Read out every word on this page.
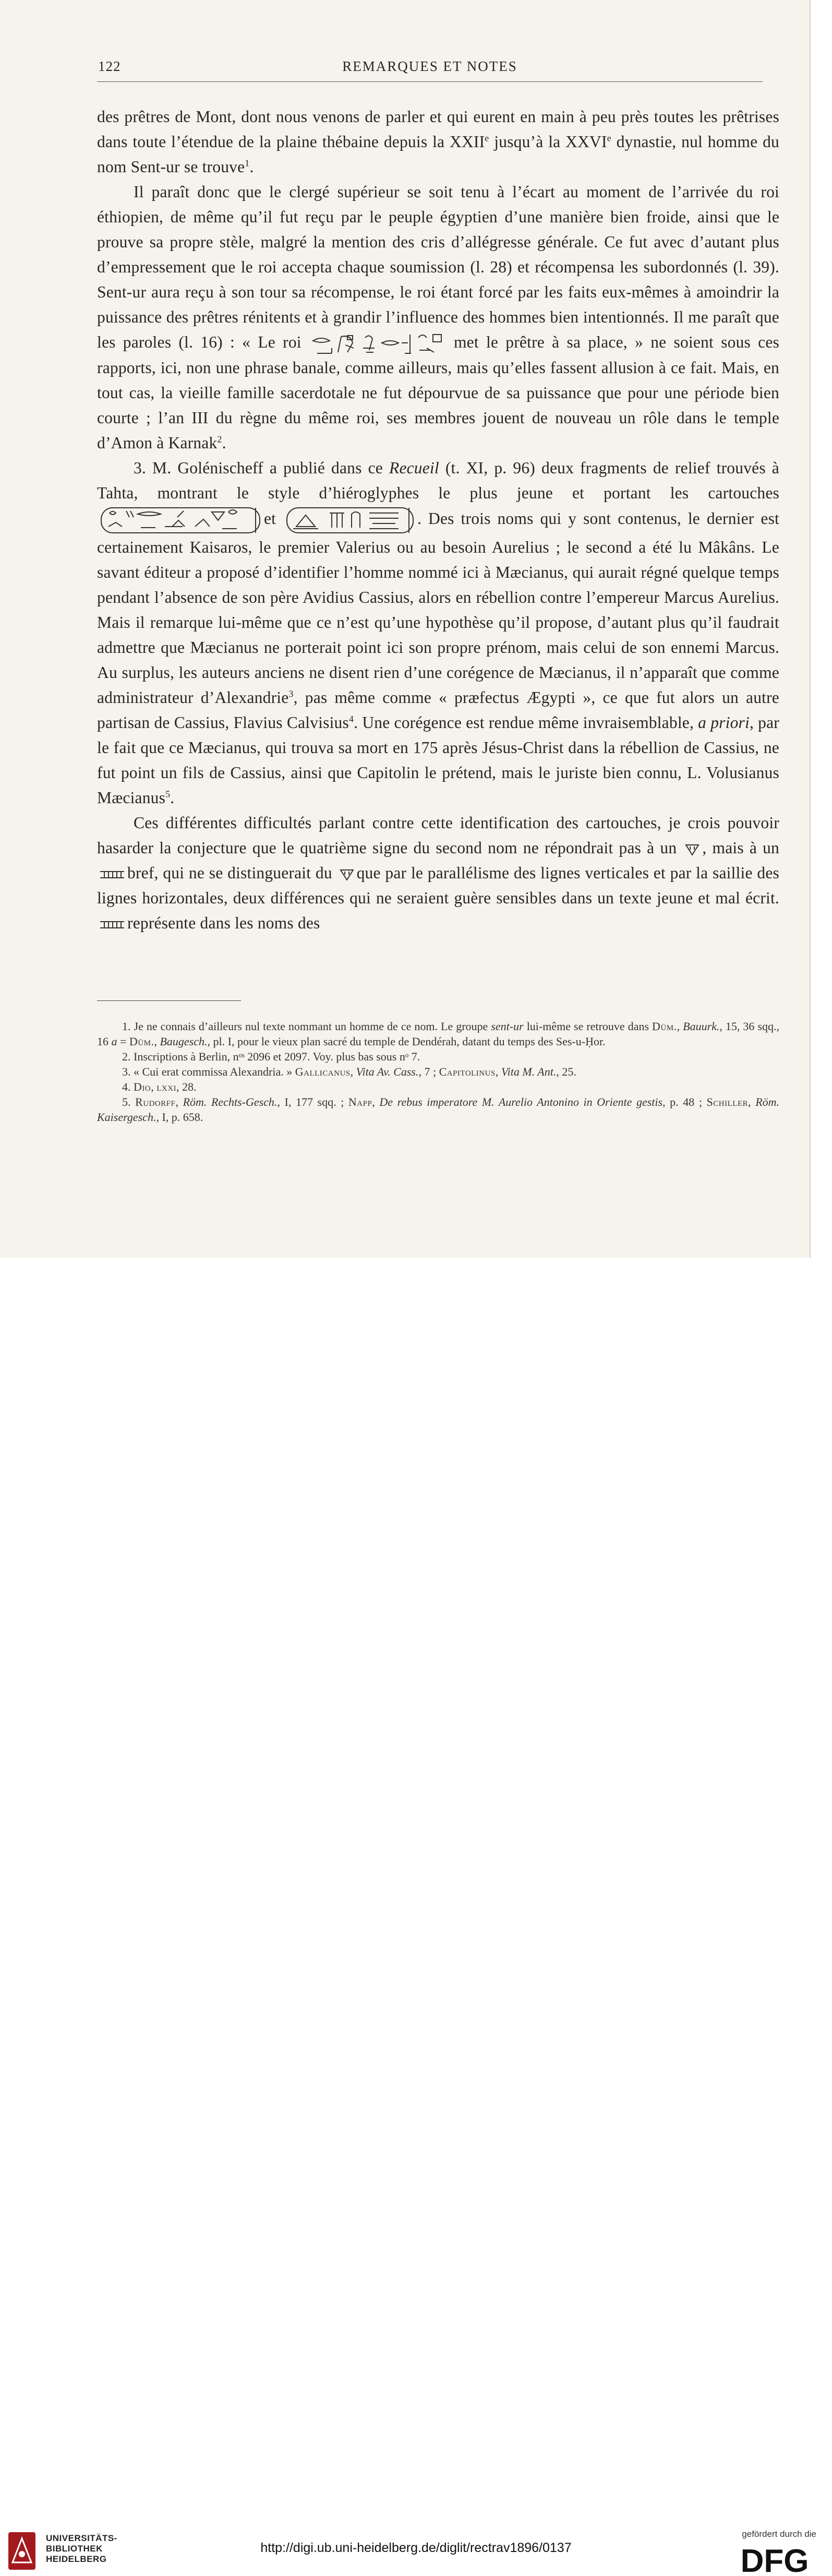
122	REMARQUES ET NOTES

des prêtres de Mont, dont nous venons de parler et qui eurent en main à peu près toutes les prêtrises dans toute l’étendue de la plaine thébaine depuis la XXIIe jusqu’à la XXVIe dynastie, nul homme du nom Sent-ur se trouve$^1$.

Il paraît donc que le clergé supérieur se soit tenu à l’écart au moment de l’arrivée du roi éthiopien, de même qu’il fut reçu par le peuple égyptien d’une manière bien froide, ainsi que le prouve sa propre stèle, malgré la mention des cris d’allégresse générale. Ce fut avec d’autant plus d’empressement que le roi accepta chaque soumission (l. 28) et récompensa les subordonnés (l. 39). Sent-ur aura reçu à son tour sa récompense, le roi étant forcé par les faits eux-mêmes à amoindrir la puissance des prêtres rénitents et à grandir l’influence des hommes bien intentionnés. Il me paraît que les paroles (l. 16) : « Le roi	met le prêtre à sa place, » ne soient sous ces rapports, ici, non une phrase banale, comme ailleurs, mais qu’elles fassent allusion à ce fait. Mais, en tout cas, la vieille famille sacerdotale ne fut dépourvue de sa puissance que pour une période bien courte ; l’an III du règne du même roi, ses membres jouent de nouveau un rôle dans le temple d’Amon à Karnak$^2$.

3. M. Golénischeff a publié dans ce Recueil (t. XI, p. 96) deux fragments de relief trouvés à Tahta, montrant le style d’hiéroglyphes le plus jeune et portant les cartouches et	. Des trois noms qui y sont contenus, le dernier est certainement Kaisaros, le premier Valerius ou au besoin Aurelius ; le second a été lu Mâkâns. Le savant éditeur a proposé d’identifier l’homme nommé ici à Mæcianus, qui aurait régné quelque temps pendant l’absence de son père Avidius Cassius, alors en rébellion contre l’empereur Marcus Aurelius. Mais il remarque lui-même que ce n’est qu’une hypothèse qu’il propose, d’autant plus qu’il faudrait admettre que Mæcianus ne porterait point ici son propre prénom, mais celui de son ennemi Marcus. Au surplus, les auteurs anciens ne disent rien d’une corégence de Mæcianus, il n’apparaît que comme administrateur d’Alexandrie$^3$, pas même comme « præfectus Ægypti », ce que fut alors un autre partisan de Cassius, Flavius Calvisius$^4$. Une corégence est rendue même invraisemblable, a priori, par le fait que ce Mæcianus, qui trouva sa mort en 175 après Jésus-Christ dans la rébellion de Cassius, ne fut point un fils de Cassius, ainsi que Capitolin le prétend, mais le juriste bien connu, L. Volusianus Mæcianus$^5$.

Ces différentes difficultés parlant contre cette identification des cartouches, je crois pouvoir hasarder la conjecture que le quatrième signe du second nom ne répondrait pas à un , mais à un bref, qui ne se distinguerait du que par le parallélisme des lignes verticales et par la saillie des lignes horizontales, deux différences qui ne seraient guère sensibles dans un texte jeune et mal écrit. représente dans les noms des

1. Je ne connais d’ailleurs nul texte nommant un homme de ce nom. Le groupe sent-ur lui-même se retrouve dans Düm., Bauurk., 15, 36 sqq., 16 a = Düm., Baugesch., pl. I, pour le vieux plan sacré du temple de Dendérah, datant du temps des Ses-u-Ḥor.

2. Inscriptions à Berlin, nᵒˢ 2096 et 2097. Voy. plus bas sous nᵒ 7.

3. « Cui erat commissa Alexandria. » Gallicanus, Vita Av. Cass., 7 ; Capitolinus, Vita M. Ant., 25.

4. Dio, lxxi, 28.

5. Rudorff, Röm. Rechts-Gesch., I, 177 sqq. ; Napp, De rebus imperatore M. Aurelio Antonino in Oriente gestis, p. 48 ; Schiller, Röm. Kaisergesch., I, p. 658.

UNIVERSITÄTS-
BIBLIOTHEK
HEIDELBERG
http://digi.ub.uni-heidelberg.de/diglit/rectrav1896/0137
gefördert durch die
DFG
